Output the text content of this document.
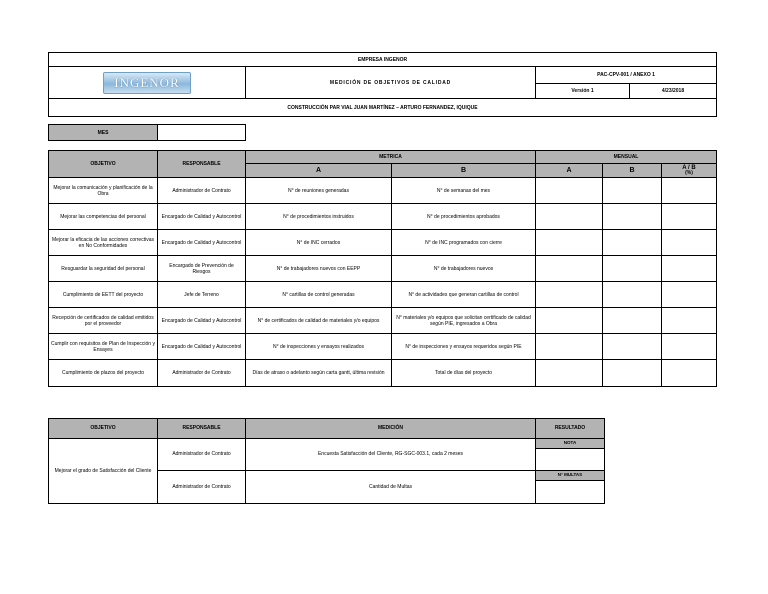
EMPRESA INGENOR			
INGENOR	MEDICIÓN DE OBJETIVOS DE CALIDAD	PAC-CPV-001 / ANEXO 1	
		Versión 1	4/23/2018
CONSTRUCCIÓN PAR VIAL JUAN MARTÍNEZ – ARTURO FERNANDEZ, IQUIQUE			
MES	
OBJETIVO	RESPONSABLE	METRICA		MENSUAL		
		A	B	A	B	A / B
(%)
Mejorar la comunicación y planificación de la Obra	Administrador de Contrato	N° de reuniones generadas	N° de semanas del mes			
Mejorar las competencias del personal	Encargado de Calidad y Autocontrol	N° de procedimientos instruidos	N° de procedimientos aprobados			
Mejorar la eficacia de las acciones correctivas en No Conformidades	Encargado de Calidad y Autocontrol	N° de INC cerrados	N° de INC programados con cierre			
Resguardar la seguridad del personal	Encargado de Prevención de Riesgos	N° de trabajadores nuevos con EEPP	N° de trabajadores nuevos			
Cumplimiento de EETT del proyecto	Jefe de Terreno	N° cartillas de control generadas	N° de actividades que generan cartillas de control			
Recepción de certificados de calidad emitidos por el proveedor	Encargado de Calidad y Autocontrol	N° de certificados de calidad de materiales y/o equipos	N° materiales y/o equipos que solicitan certificado de calidad según PIE, ingresados a Obra			
Cumplir con requisitos de Plan de Inspección y Ensayes	Encargado de Calidad y Autocontrol	N° de inspecciones y ensayos realizados	N° de inspecciones y ensayos requeridos según PIE			
Cumplimiento de plazos del proyecto	Administrador de Contrato	Días de atraso o adelanto según carta gantt, última revisión	Total de días del proyecto			
OBJETIVO	RESPONSABLE	MEDICIÓN	RESULTADO
Mejorar el grado de Satisfacción del Cliente	Administrador de Contrato	Encuesta Satisfacción del Cliente, RG-SGC-003.1, cada 2 meses	NOTA

	Administrador de Contrato	Cantidad de Multas	N° MULTAS
